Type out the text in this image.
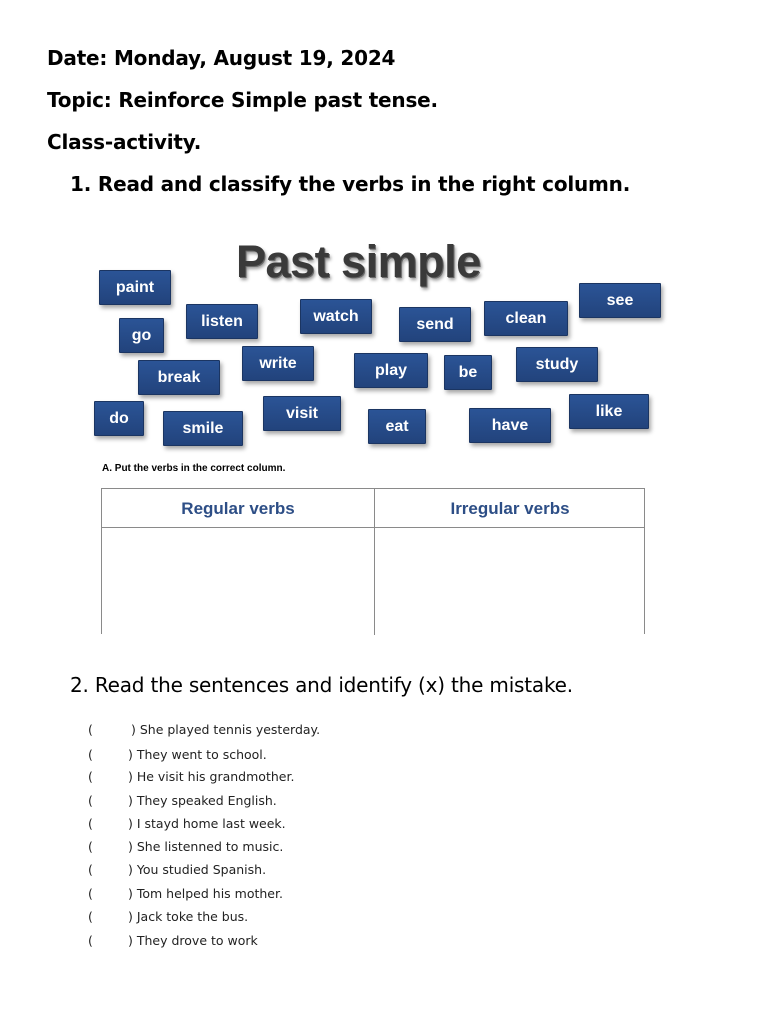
Date: Monday, August 19, 2024
Topic: Reinforce Simple past tense.
Class-activity.
1. Read and classify the verbs in the right column.
Past simple
paint
see
listen	watch	send	clean
go
write	play	be	study
break
do
smile
visit
eat	have
like
A. Put the verbs in the correct column.
Regular verbs	Irregular verbs
2. Read the sentences and identify (x) the mistake.
(	) She played tennis yesterday.
(	) They went to school.
(	) He visit his grandmother.
(	) They speaked English.
(	) I stayd home last week.
(	) She listenned to music.
(	) You studied Spanish.
(	) Tom helped his mother.
(	) Jack toke the bus.
(	) They drove to work
